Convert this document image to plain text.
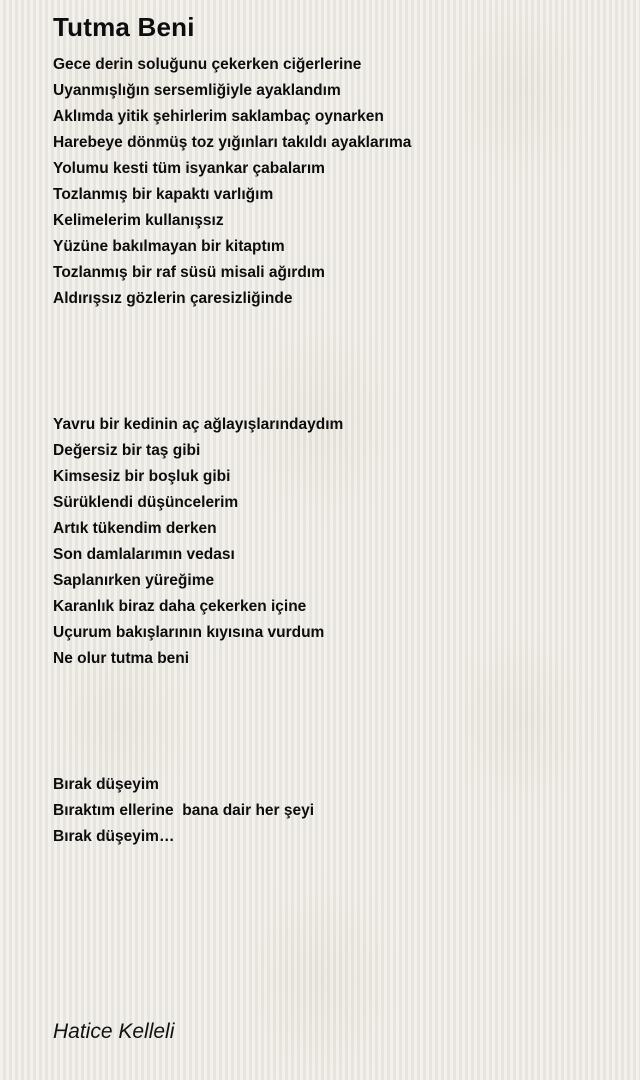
Tutma Beni
Gece derin soluğunu çekerken ciğerlerine
Uyanmışlığın sersemliğiyle ayaklandım
Aklımda yitik şehirlerim saklambaç oynarken
Harebeye dönmüş toz yığınları takıldı ayaklarıma
Yolumu kesti tüm isyankar çabalarım
Tozlanmış bir kapaktı varlığım
Kelimelerim kullanışsız
Yüzüne bakılmayan bir kitaptım
Tozlanmış bir raf süsü misali ağırdım
Aldırışsız gözlerin çaresizliğinde
Yavru bir kedinin aç ağlayışlarındaydım
Değersiz bir taş gibi
Kimsesiz bir boşluk gibi
Sürüklendi düşüncelerim
Artık tükendim derken
Son damlalarımın vedası
Saplanırken yüreğime
Karanlık biraz daha çekerken içine
Uçurum bakışlarının kıyısına vurdum
Ne olur tutma beni
Bırak düşeyim
Bıraktım ellerine  bana dair her şeyi
Bırak düşeyim…

Hatice Kelleli
